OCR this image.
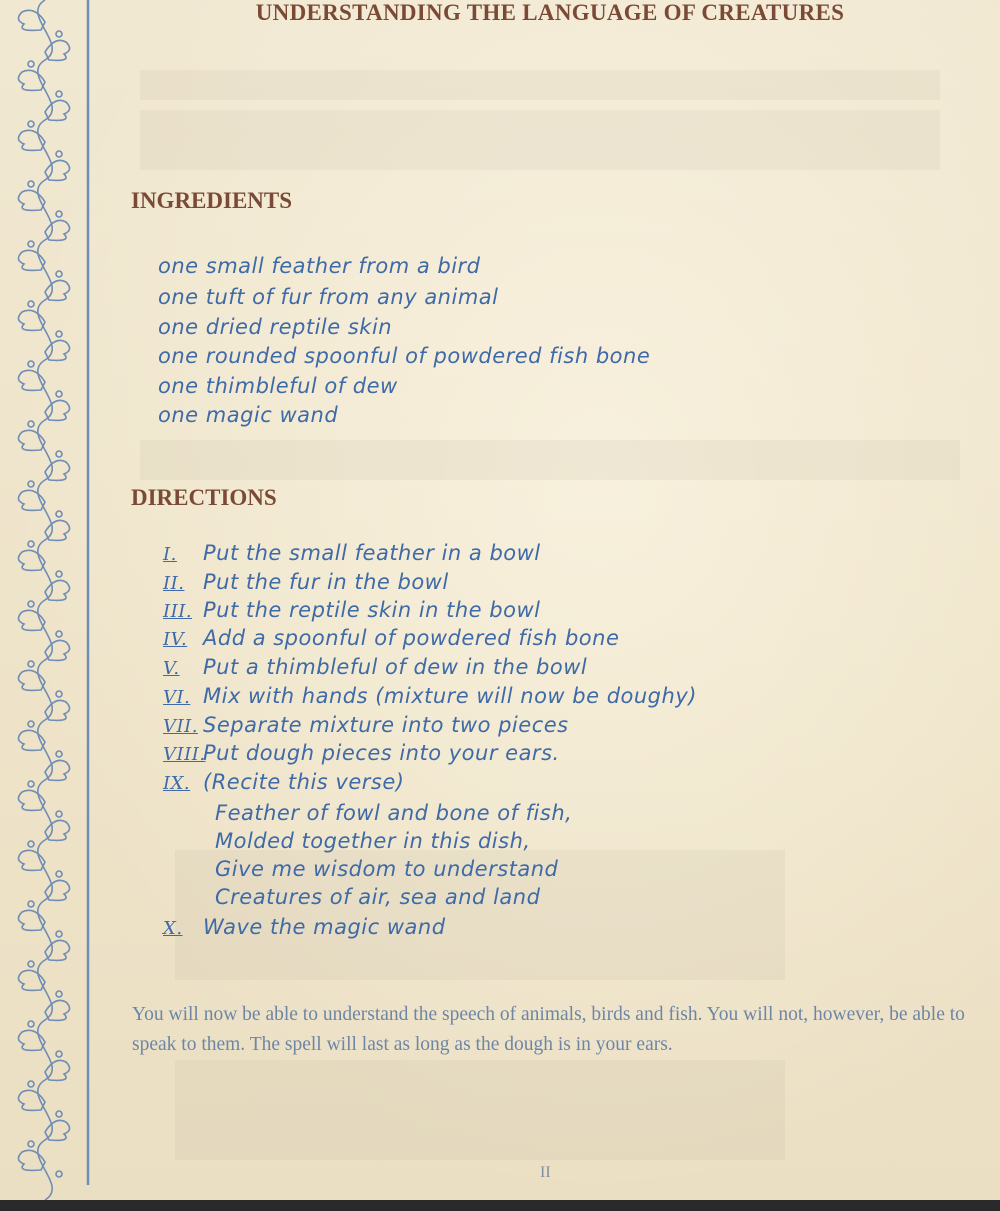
UNDERSTANDING THE LANGUAGE OF CREATURES
INGREDIENTS
one small feather from a bird
one tuft of fur from any animal
one dried reptile skin
one rounded spoonful of powdered fish bone
one thimbleful of dew
one magic wand
DIRECTIONS
I. Put the small feather in a bowl
II. Put the fur in the bowl
III. Put the reptile skin in the bowl
IV. Add a spoonful of powdered fish bone
V. Put a thimbleful of dew in the bowl
VI. Mix with hands (mixture will now be doughy)
VII. Separate mixture into two pieces
VIII.Put dough pieces into your ears.
IX. (Recite this verse)
Feather of fowl and bone of fish,
Molded together in this dish,
Give me wisdom to understand
Creatures of air, sea and land
X. Wave the magic wand
You will now be able to understand the speech of animals, birds and fish. You will not, however, be able to speak to them. The spell will last as long as the dough is in your ears.
II
